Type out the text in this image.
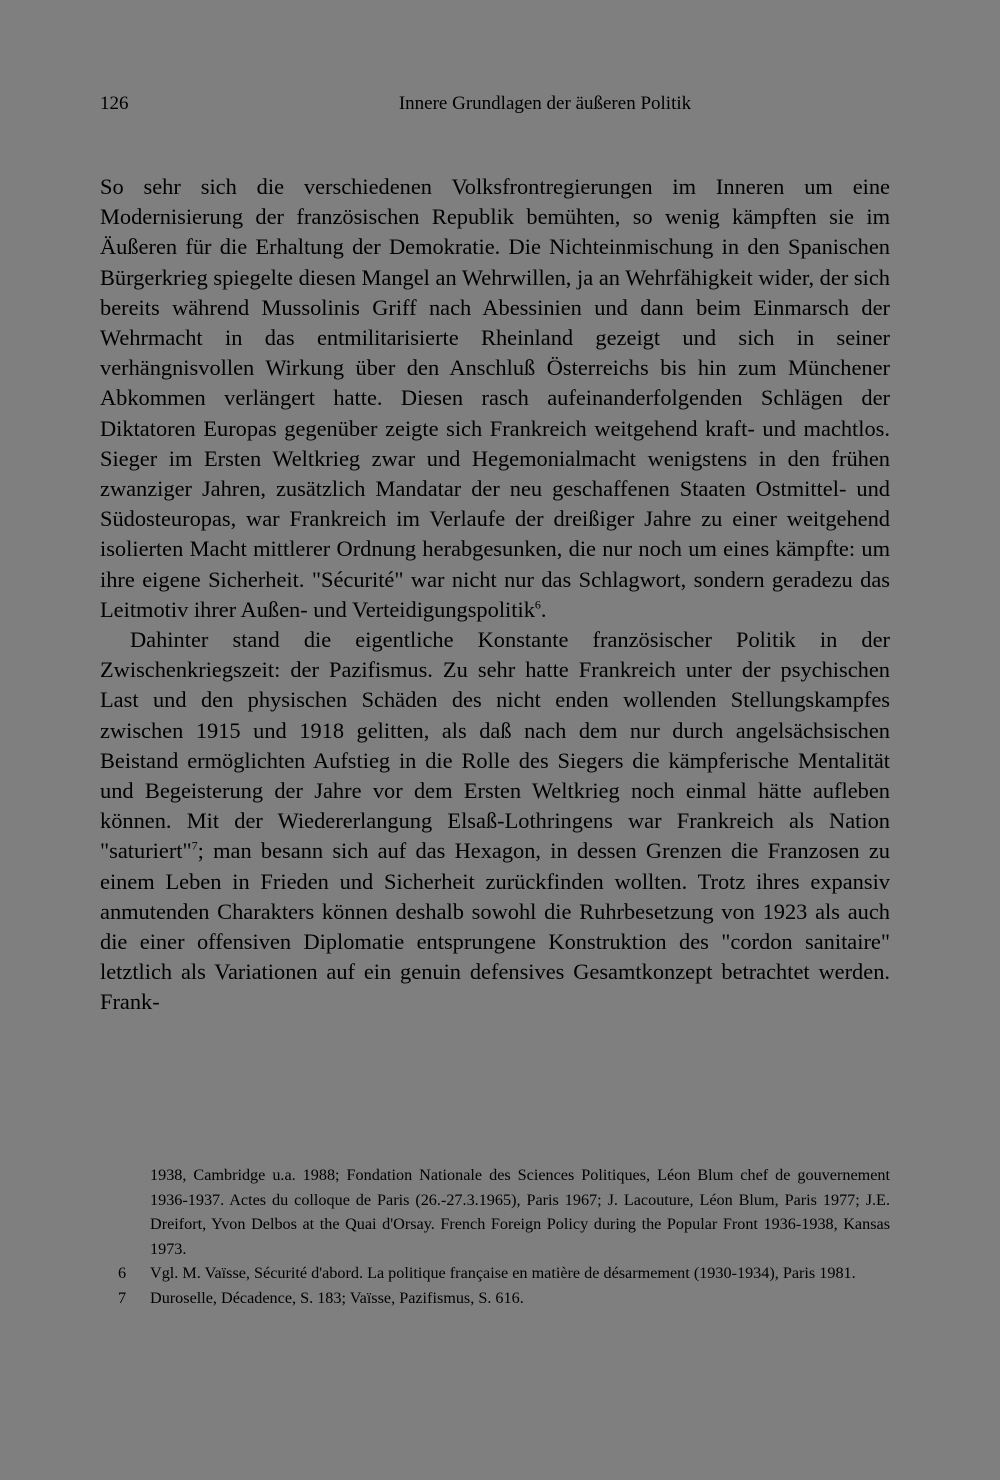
126	Innere Grundlagen der äußeren Politik

So sehr sich die verschiedenen Volksfrontregierungen im Inneren um eine Modernisierung der französischen Republik bemühten, so wenig kämpften sie im Äußeren für die Erhaltung der Demokratie. Die Nichteinmischung in den Spanischen Bürgerkrieg spiegelte diesen Mangel an Wehrwillen, ja an Wehrfähigkeit wider, der sich bereits während Mussolinis Griff nach Abessinien und dann beim Einmarsch der Wehrmacht in das entmilitarisierte Rheinland gezeigt und sich in seiner verhängnisvollen Wirkung über den Anschluß Österreichs bis hin zum Münchener Abkommen verlängert hatte. Diesen rasch aufeinanderfolgenden Schlägen der Diktatoren Europas gegenüber zeigte sich Frankreich weitgehend kraft- und machtlos. Sieger im Ersten Weltkrieg zwar und Hegemonialmacht wenigstens in den frühen zwanziger Jahren, zusätzlich Mandatar der neu geschaffenen Staaten Ostmittel- und Südosteuropas, war Frankreich im Verlaufe der dreißiger Jahre zu einer weitgehend isolierten Macht mittlerer Ordnung herabgesunken, die nur noch um eines kämpfte: um ihre eigene Sicherheit. "Sécurité" war nicht nur das Schlagwort, sondern geradezu das Leitmotiv ihrer Außen- und Verteidigungspolitik$^6$.

Dahinter stand die eigentliche Konstante französischer Politik in der Zwischenkriegszeit: der Pazifismus. Zu sehr hatte Frankreich unter der psychischen Last und den physischen Schäden des nicht enden wollenden Stellungskampfes zwischen 1915 und 1918 gelitten, als daß nach dem nur durch angelsächsischen Beistand ermöglichten Aufstieg in die Rolle des Siegers die kämpferische Mentalität und Begeisterung der Jahre vor dem Ersten Weltkrieg noch einmal hätte aufleben können. Mit der Wiedererlangung Elsaß-Lothringens war Frankreich als Nation "saturiert"$^7$; man besann sich auf das Hexagon, in dessen Grenzen die Franzosen zu einem Leben in Frieden und Sicherheit zurückfinden wollten. Trotz ihres expansiv anmutenden Charakters können deshalb sowohl die Ruhrbesetzung von 1923 als auch die einer offensiven Diplomatie entsprungene Konstruktion des "cordon sanitaire" letztlich als Variationen auf ein genuin defensives Gesamtkonzept betrachtet werden. Frank-

1938, Cambridge u.a. 1988; Fondation Nationale des Sciences Politiques, Léon Blum chef de gouvernement 1936-1937. Actes du colloque de Paris (26.-27.3.1965), Paris 1967; J. Lacouture, Léon Blum, Paris 1977; J.E. Dreifort, Yvon Delbos at the Quai d'Orsay. French Foreign Policy during the Popular Front 1936-1938, Kansas 1973.
6 Vgl. M. Vaïsse, Sécurité d'abord. La politique française en matière de désarmement (1930-1934), Paris 1981.
7 Duroselle, Décadence, S. 183; Vaïsse, Pazifismus, S. 616.
